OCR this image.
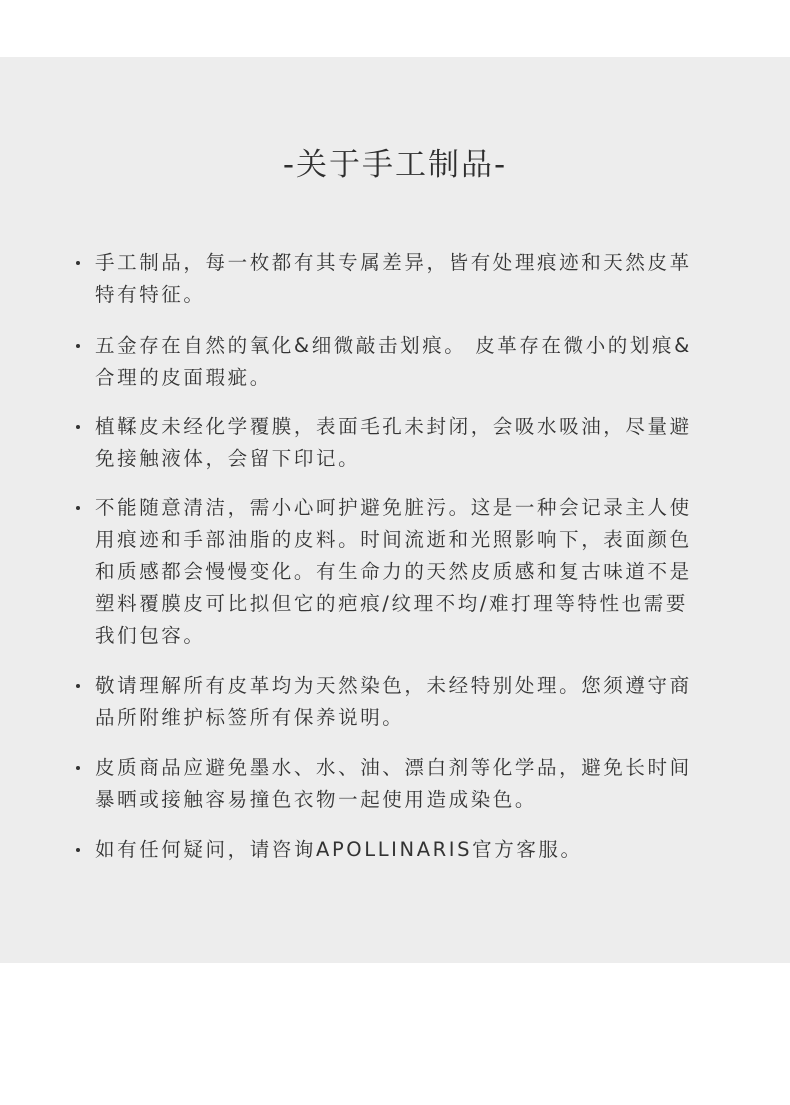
-关于手工制品-
手工制品，每一枚都有其专属差异，皆有处理痕迹和天然皮革
特有特征。
五金存在自然的氧化&细微敲击划痕。 皮革存在微小的划痕&
合理的皮面瑕疵。
植鞣皮未经化学覆膜，表面毛孔未封闭，会吸水吸油，尽量避
免接触液体，会留下印记。
不能随意清洁，需小心呵护避免脏污。这是一种会记录主人使
用痕迹和手部油脂的皮料。时间流逝和光照影响下，表面颜色
和质感都会慢慢变化。有生命力的天然皮质感和复古味道不是
塑料覆膜皮可比拟但它的疤痕/纹理不均/难打理等特性也需要
我们包容。
敬请理解所有皮革均为天然染色，未经特别处理。您须遵守商
品所附维护标签所有保养说明。
皮质商品应避免墨水、水、油、漂白剂等化学品，避免长时间
暴晒或接触容易撞色衣物一起使用造成染色。
如有任何疑问，请咨询APOLLINARIS官方客服。
